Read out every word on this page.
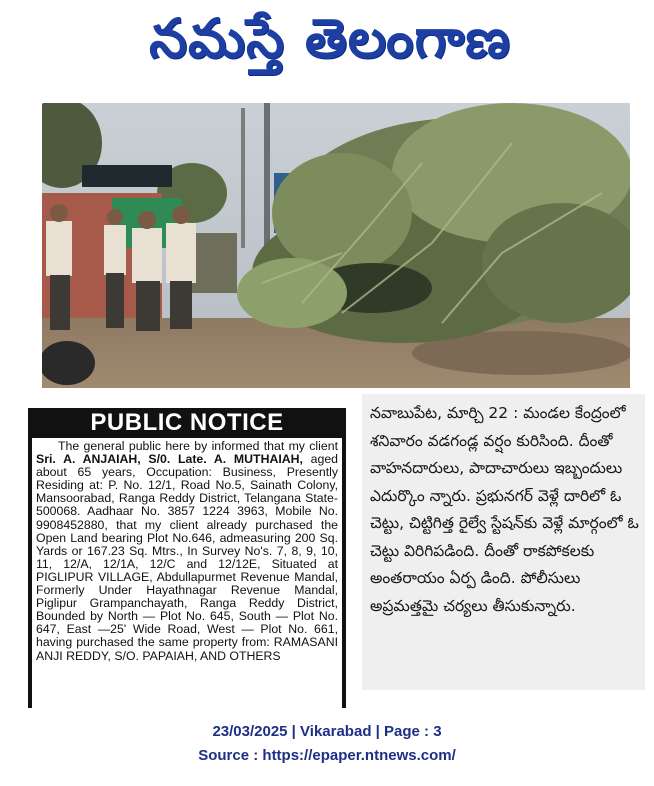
నమస్తే తెలంగాణ
PUBLIC NOTICE

The general public here by informed that my client Sri. A. ANJAIAH, S/0. Late. A. MUTHAIAH, aged about 65 years, Occupation: Business, Presently Residing at: P. No. 12/1, Road No.5, Sainath Colony, Mansoorabad, Ranga Reddy District, Telangana State-500068. Aadhaar No. 3857 1224 3963, Mobile No. 9908452880, that my client already purchased the Open Land bearing Plot No.646, admeasuring 200 Sq. Yards or 167.23 Sq. Mtrs., In Survey No's. 7, 8, 9, 10, 11, 12/A, 12/1A, 12/C and 12/12E, Situated at PIGLIPUR VILLAGE, Abdullapurmet Revenue Mandal, Formerly Under Hayathnagar Revenue Mandal, Piglipur Grampanchayath, Ranga Reddy District, Bounded by North — Plot No. 645, South — Plot No. 647, East —25' Wide Road, West — Plot No. 661, having purchased the same property from: RAMASANI ANJI REDDY, S/O. PAPAIAH, AND OTHERS

నవాబుపేట, మార్చి 22 : మండల కేంద్రంలో శనివారం వడగండ్ల వర్షం కురిసింది. దీంతో వాహనదారులు, పాదాచారులు ఇబ్బందులు ఎదుర్కొం న్నారు. ప్రభునగర్ వెళ్లే దారిలో ఓ చెట్టు, చిట్టిగిత్త రైల్వే స్టేషన్‌కు వెళ్లే మార్గంలో ఓ చెట్టు విరిగిపడింది. దీంతో రాకపోకలకు అంతరాయం ఏర్ప డింది. పోలీసులు అప్రమత్తమై చర్యలు తీసుకున్నారు.

23/03/2025 | Vikarabad | Page : 3
Source : https://epaper.ntnews.com/
